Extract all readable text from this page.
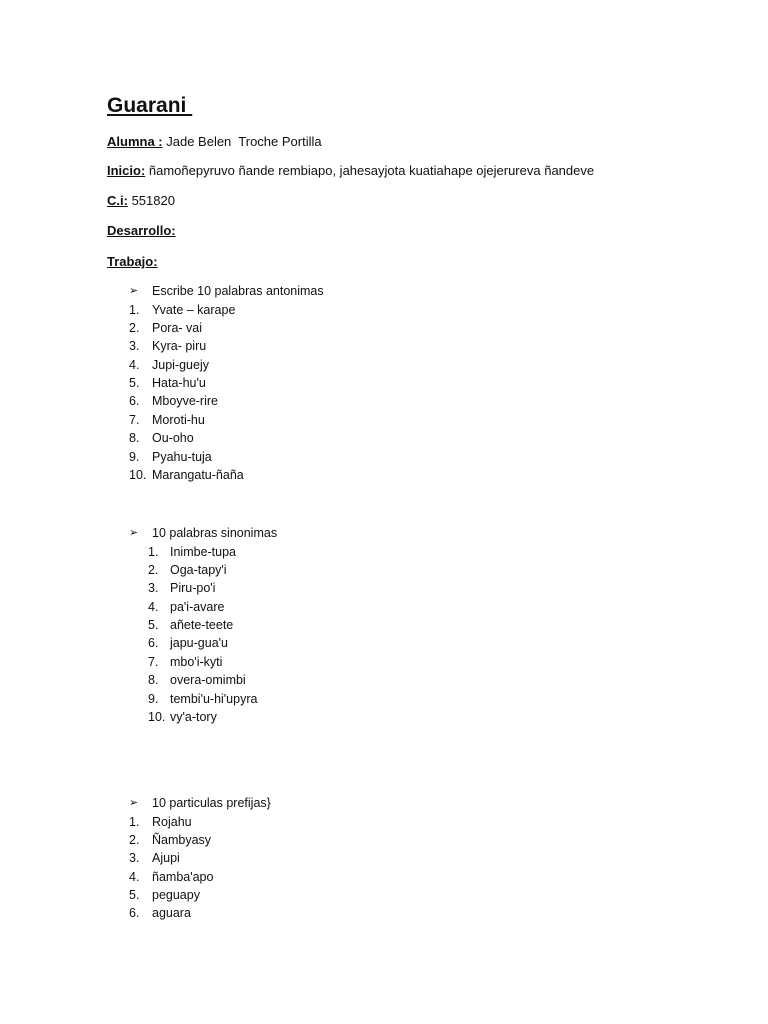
Guarani
Alumna : Jade Belen  Troche Portilla
Inicio: ñamoñepyruvo ñande rembiapo, jahesayjota kuatiahape ojejerureva ñandeve
C.i: 551820
Desarrollo:
Trabajo:

➢

Escribe 10 palabras antonimas

1. Yvate – karape
2. Pora- vai
3. Kyra- piru
4. Jupi-guejy
5. Hata-hu'u
6. Mboyve-rire
7. Moroti-hu
8. Ou-oho
9. Pyahu-tuja
10. Marangatu-ñaña

➢

10 palabras sinonimas

1. Inimbe-tupa
2. Oga-tapy'i
3. Piru-po'i
4. pa'i-avare
5. añete-teete
6. japu-gua'u
7. mbo'i-kyti
8. overa-omimbi
9. tembi'u-hi'upyra
10. vy'a-tory

➢

10 particulas prefijas}

1. Rojahu
2. Ñambyasy
3. Ajupi
4. ñamba'apo
5. peguapy
6. aguara
